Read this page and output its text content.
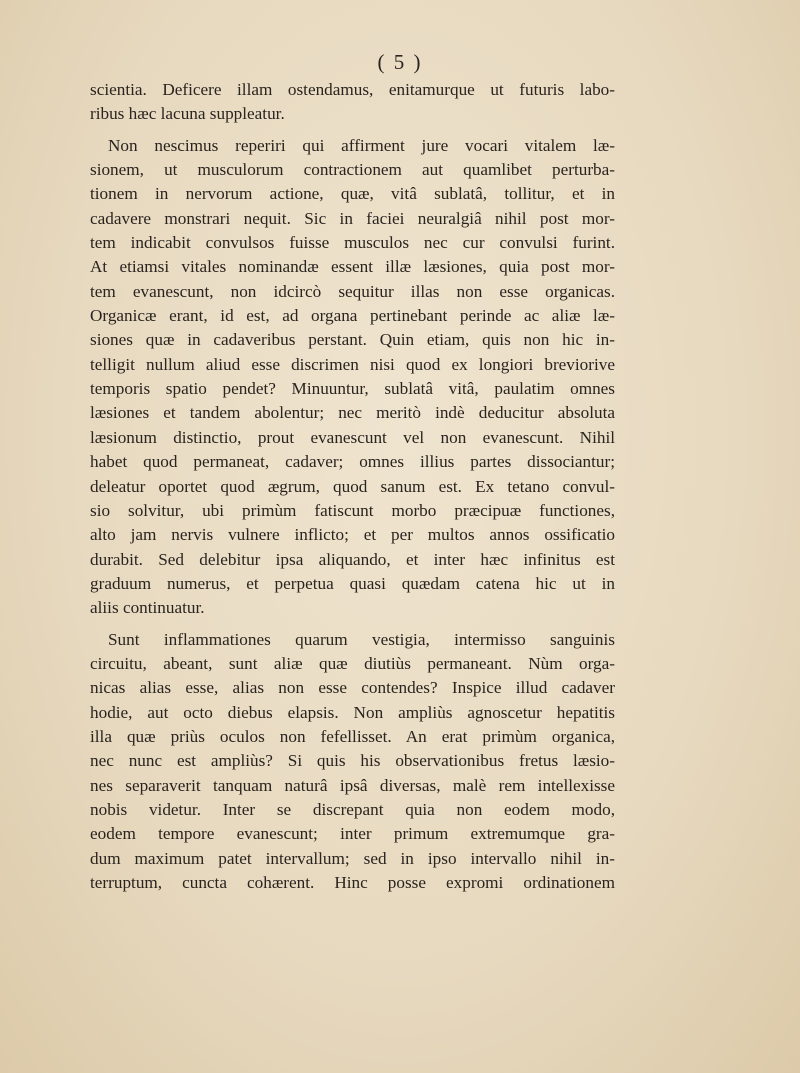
( 5 )
scientia. Deficere illam ostendamus, enitamurque ut futuris labo-
ribus hæc lacuna suppleatur.
Non nescimus reperiri qui affirment jure vocari vitalem læ-
sionem, ut musculorum contractionem aut quamlibet perturba-
tionem in nervorum actione, quæ, vitâ sublatâ, tollitur, et in
cadavere monstrari nequit. Sic in faciei neuralgiâ nihil post mor-
tem indicabit convulsos fuisse musculos nec cur convulsi furint.
At etiamsi vitales nominandæ essent illæ læsiones, quia post mor-
tem evanescunt, non idcircò sequitur illas non esse organicas.
Organicæ erant, id est, ad organa pertinebant perinde ac aliæ læ-
siones quæ in cadaveribus perstant. Quin etiam, quis non hic in-
telligit nullum aliud esse discrimen nisi quod ex longiori breviorive
temporis spatio pendet? Minuuntur, sublatâ vitâ, paulatim omnes
læsiones et tandem abolentur; nec meritò indè deducitur absoluta
læsionum distinctio, prout evanescunt vel non evanescunt. Nihil
habet quod permaneat, cadaver; omnes illius partes dissociantur;
deleatur oportet quod ægrum, quod sanum est. Ex tetano convul-
sio solvitur, ubi primùm fatiscunt morbo præcipuæ functiones,
alto jam nervis vulnere inflicto; et per multos annos ossificatio
durabit. Sed delebitur ipsa aliquando, et inter hæc infinitus est
graduum numerus, et perpetua quasi quædam catena hic ut in
aliis continuatur.
Sunt inflammationes quarum vestigia, intermisso sanguinis
circuitu, abeant, sunt aliæ quæ diutiùs permaneant. Nùm orga-
nicas alias esse, alias non esse contendes? Inspice illud cadaver
hodie, aut octo diebus elapsis. Non ampliùs agnoscetur hepatitis
illa quæ priùs oculos non fefellisset. An erat primùm organica,
nec nunc est ampliùs? Si quis his observationibus fretus læsio-
nes separaverit tanquam naturâ ipsâ diversas, malè rem intellexisse
nobis videtur. Inter se discrepant quia non eodem modo,
eodem tempore evanescunt; inter primum extremumque gra-
dum maximum patet intervallum; sed in ipso intervallo nihil in-
terruptum, cuncta cohærent. Hinc posse expromi ordinationem
